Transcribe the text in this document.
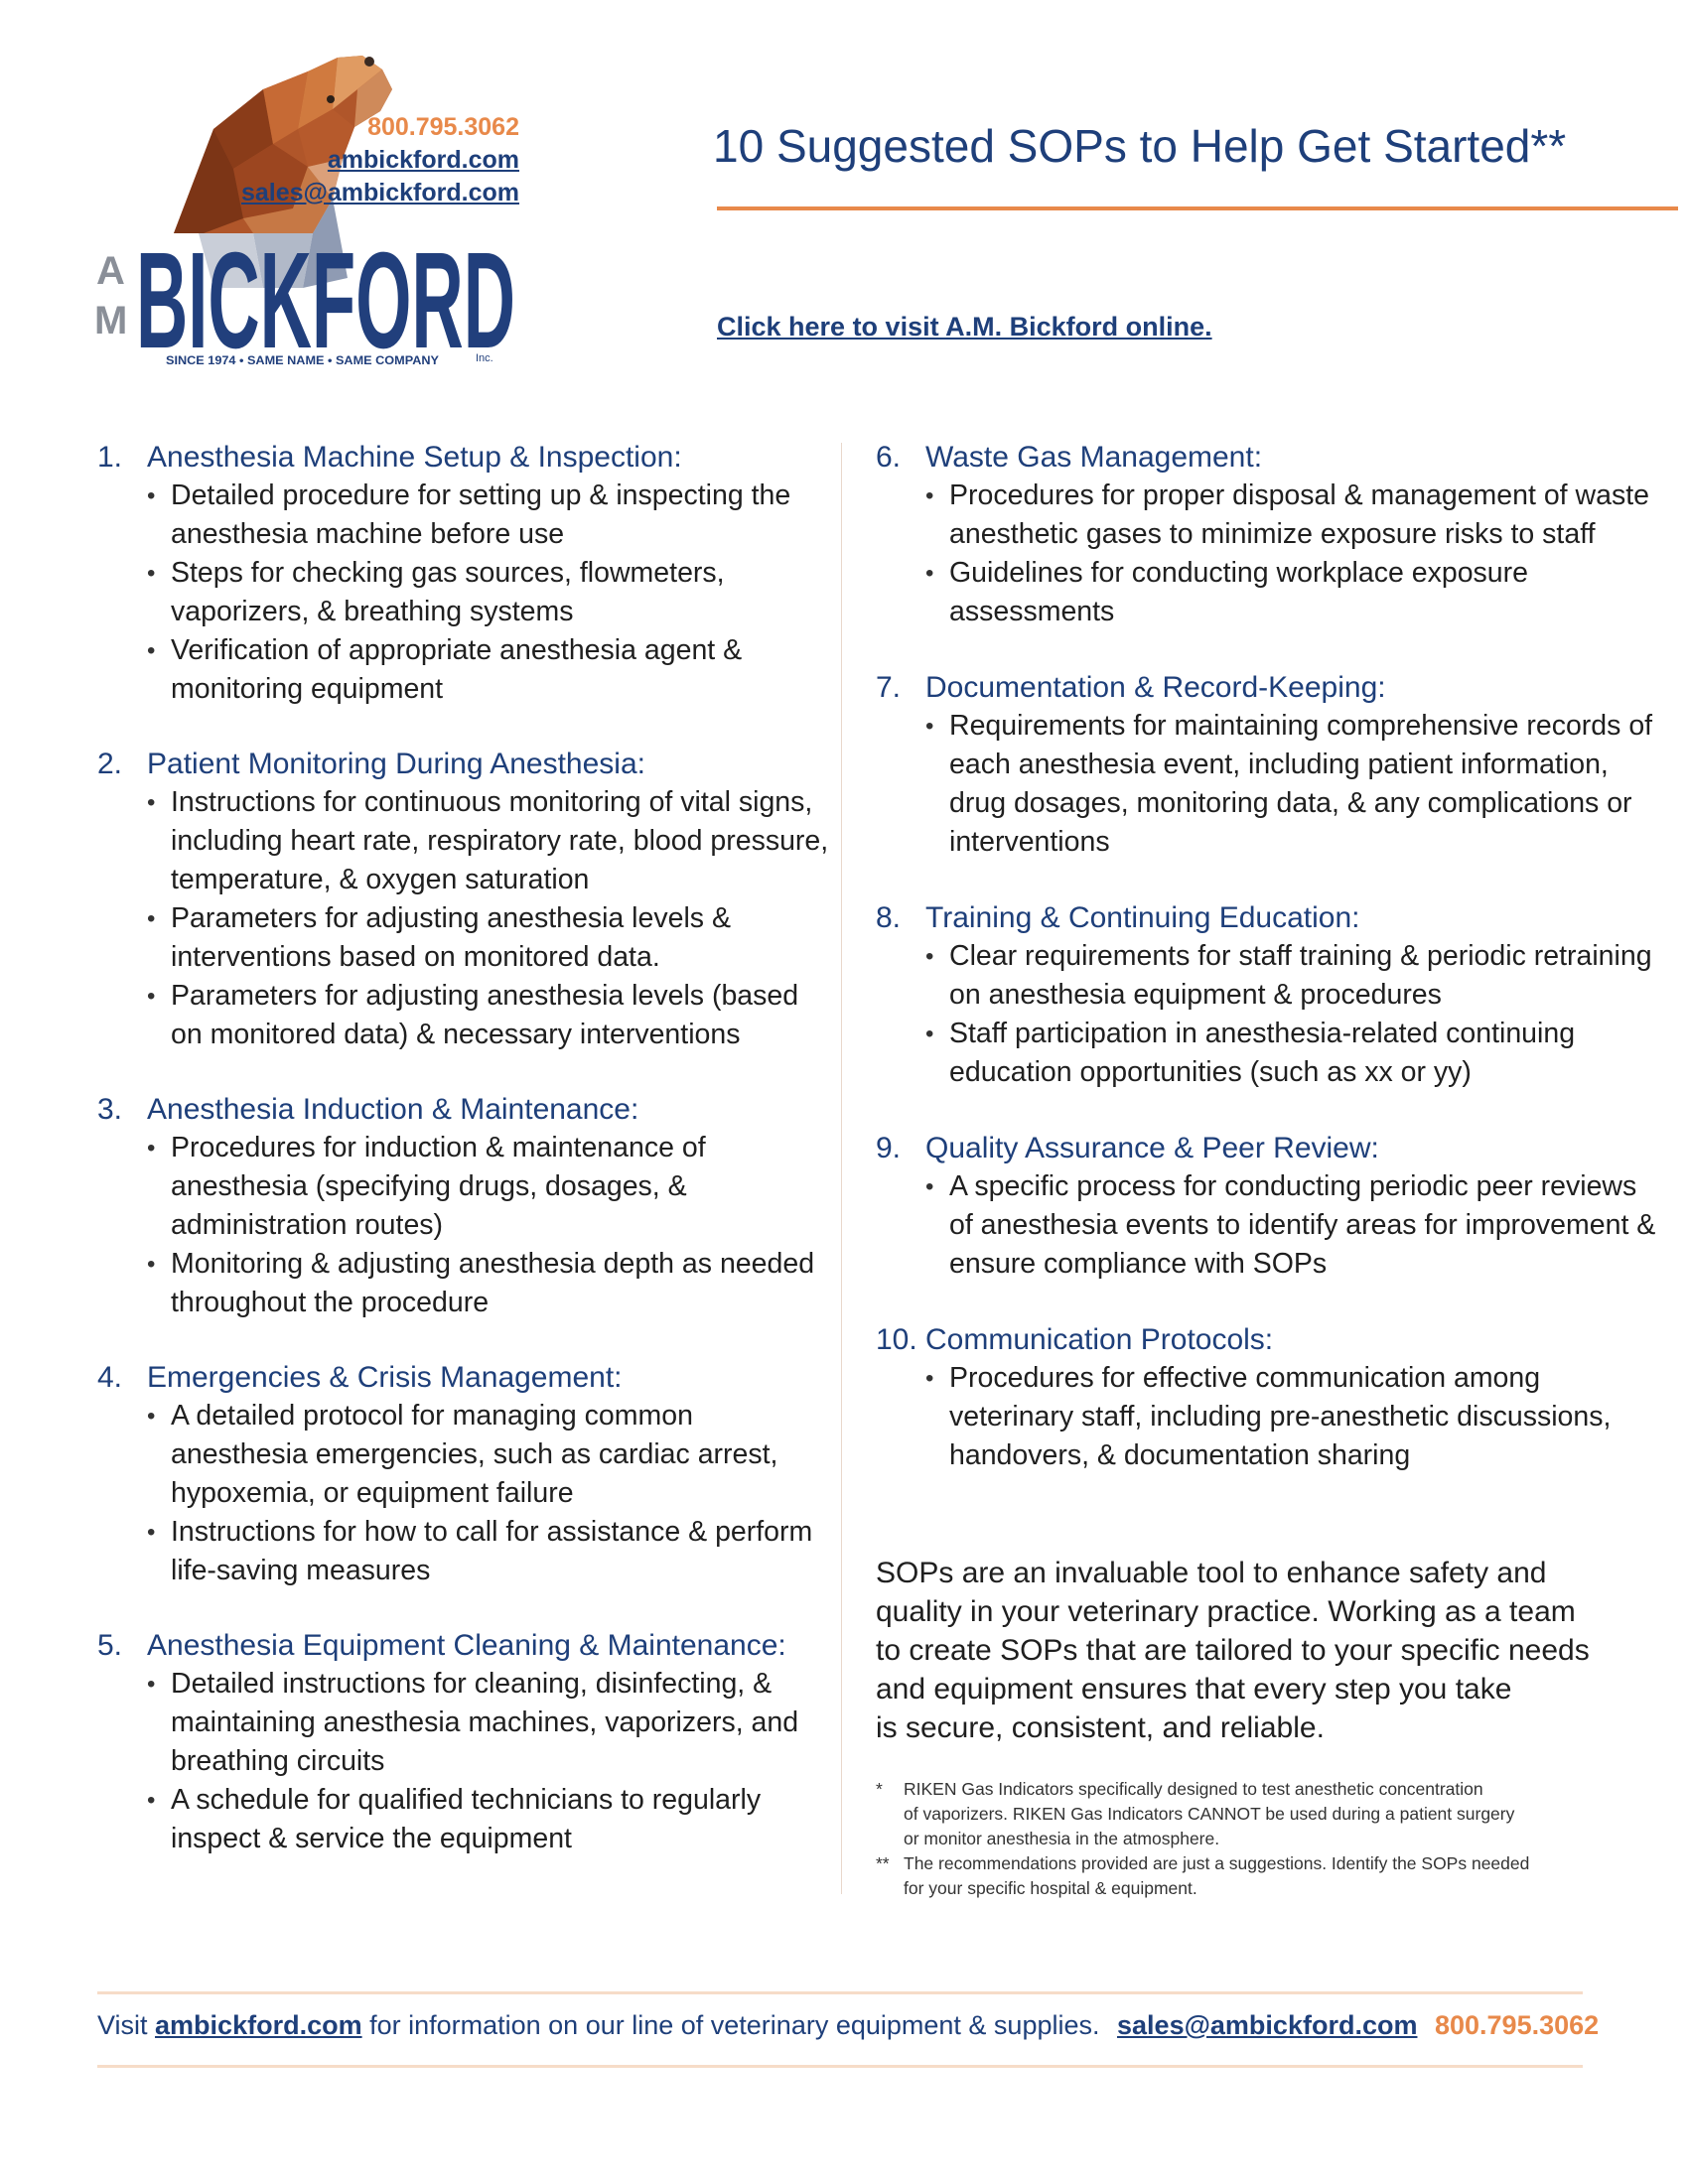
800.795.3062
ambickford.com
sales@ambickford.com
A
M BICKFORD
SINCE 1974 • SAME NAME • SAME COMPANY	Inc.
10 Suggested SOPs to Help Get Started**
Click here to visit A.M. Bickford online.
1. Anesthesia Machine Setup & Inspection:
• Detailed procedure for setting up & inspecting the anesthesia machine before use
• Steps for checking gas sources, flowmeters, vaporizers, & breathing systems
• Verification of appropriate anesthesia agent & monitoring equipment
2. Patient Monitoring During Anesthesia:
• Instructions for continuous monitoring of vital signs, including heart rate, respiratory rate, blood pressure, temperature, & oxygen saturation
• Parameters for adjusting anesthesia levels & interventions based on monitored data.
• Parameters for adjusting anesthesia levels (based on monitored data) & necessary interventions
3. Anesthesia Induction & Maintenance:
• Procedures for induction & maintenance of anesthesia (specifying drugs, dosages, & administration routes)
• Monitoring & adjusting anesthesia depth as needed throughout the procedure
4. Emergencies & Crisis Management:
• A detailed protocol for managing common anesthesia emergencies, such as cardiac arrest, hypoxemia, or equipment failure
• Instructions for how to call for assistance & perform life-saving measures
5. Anesthesia Equipment Cleaning & Maintenance:
• Detailed instructions for cleaning, disinfecting, & maintaining anesthesia machines, vaporizers, and breathing circuits
• A schedule for qualified technicians to regularly inspect & service the equipment
6. Waste Gas Management:
• Procedures for proper disposal & management of waste anesthetic gases to minimize exposure risks to staff
• Guidelines for conducting workplace exposure assessments
7. Documentation & Record-Keeping:
• Requirements for maintaining comprehensive records of each anesthesia event, including patient information, drug dosages, monitoring data, & any complications or interventions
8. Training & Continuing Education:
• Clear requirements for staff training & periodic retraining on anesthesia equipment & procedures
• Staff participation in anesthesia-related continuing education opportunities (such as xx or yy)
9. Quality Assurance & Peer Review:
• A specific process for conducting periodic peer reviews of anesthesia events to identify areas for improvement & ensure compliance with SOPs
10. Communication Protocols:
• Procedures for effective communication among veterinary staff, including pre-anesthetic discussions, handovers, & documentation sharing

SOPs are an invaluable tool to enhance safety and
quality in your veterinary practice. Working as a team
to create SOPs that are tailored to your specific needs
and equipment ensures that every step you take
is secure, consistent, and reliable.

*	RIKEN Gas Indicators specifically designed to test anesthetic concentration
of vaporizers. RIKEN Gas Indicators CANNOT be used during a patient surgery
or monitor anesthesia in the atmosphere.
** The recommendations provided are just a suggestions. Identify the SOPs needed
for your specific hospital & equipment.
Visit ambickford.com for information on our line of veterinary equipment & supplies. sales@ambickford.com 800.795.3062
